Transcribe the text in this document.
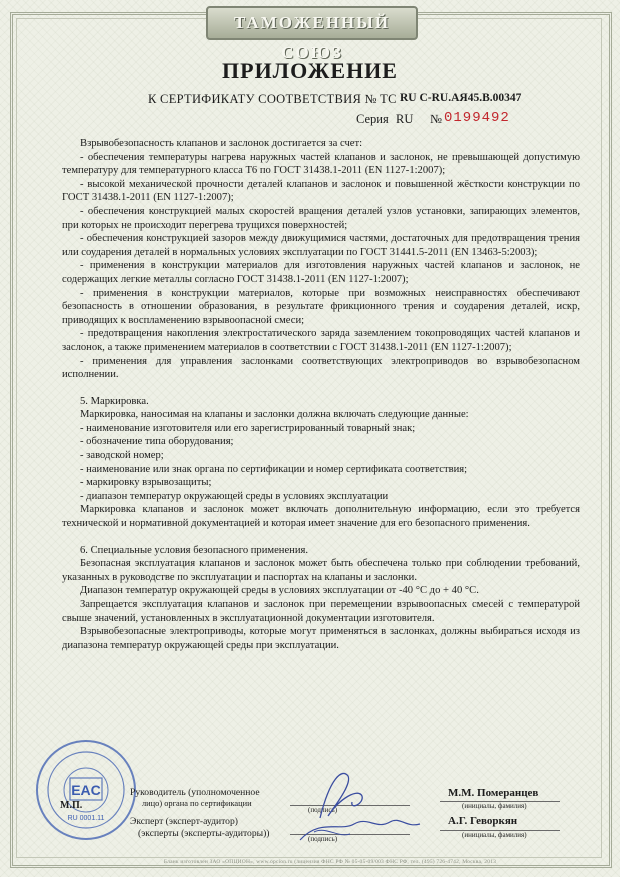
ТАМОЖЕННЫЙ СОЮЗ
ПРИЛОЖЕНИЕ
К СЕРТИФИКАТУ СООТВЕТСТВИЯ № ТС RU C-RU.АЯ45.В.00347
Серия RU № 0199492

Взрывобезопасность клапанов и заслонок достигается за счет:

- обеспечения температуры нагрева наружных частей клапанов и заслонок, не превышающей допустимую температуру для температурного класса Т6 по ГОСТ 31438.1-2011 (EN 1127-1:2007);

- высокой механической прочности деталей клапанов и заслонок и повышенной жёсткости конструкции по ГОСТ 31438.1-2011 (EN 1127-1:2007);

- обеспечения конструкцией малых скоростей вращения деталей узлов установки, запирающих элементов, при которых не происходит перегрева трущихся поверхностей;

- обеспечения конструкцией зазоров между движущимися частями, достаточных для предотвращения трения или соударения деталей в нормальных условиях эксплуатации по ГОСТ 31441.5-2011 (EN 13463-5:2003);

- применения в конструкции материалов для изготовления наружных частей клапанов и заслонок, не содержащих легкие металлы согласно ГОСТ 31438.1-2011 (EN 1127-1:2007);

- применения в конструкции материалов, которые при возможных неисправностях обеспечивают безопасность в отношении образования, в результате фрикционного трения и соударения деталей, искр, приводящих к воспламенению взрывоопасной смеси;

- предотвращения накопления электростатического заряда заземлением токопроводящих частей клапанов и заслонок, а также применением материалов в соответствии с ГОСТ 31438.1-2011 (EN 1127-1:2007);

- применения для управления заслонками соответствующих электроприводов во взрывобезопасном исполнении.

5. Маркировка.

Маркировка, наносимая на клапаны и заслонки должна включать следующие данные:

- наименование изготовителя или его зарегистрированный товарный знак;

- обозначение типа оборудования;

- заводской номер;

- наименование или знак органа по сертификации и номер сертификата соответствия;

- маркировку взрывозащиты;

- диапазон температур окружающей среды в условиях эксплуатации

Маркировка клапанов и заслонок может включать дополнительную информацию, если это требуется технической и нормативной документацией и которая имеет значение для его безопасного применения.

6. Специальные условия безопасного применения.

Безопасная эксплуатация клапанов и заслонок может быть обеспечена только при соблюдении требований, указанных в руководстве по эксплуатации и паспортах на клапаны и заслонки.

Диапазон температур окружающей среды в условиях эксплуатации от -40 °С до + 40 °С.

Запрещается эксплуатация клапанов и заслонок при перемещении взрывоопасных смесей с температурой свыше значений, установленных в эксплуатационной документации изготовителя.

Взрывобезопасные электроприводы, которые могут применяться в заслонках, должны выбираться исходя из диапазона температур окружающей среды при эксплуатации.

EAC
RU 0001.11
М.П.
Руководитель (уполномоченное
лицо) органа по сертификации
Эксперт (эксперт-аудитор)
(эксперты (эксперты-аудиторы))
(подпись)
(подпись)
(инициалы, фамилия)
(инициалы, фамилия)
М.М. Померанцев
А.Г. Геворкян
Бланк изготовлен ЗАО «ОПЦИОН», www.opcion.ru (лицензия ФНС РФ № 05-05-09/003 ФНС РФ, тел. (495) 726-4742, Москва, 2013
